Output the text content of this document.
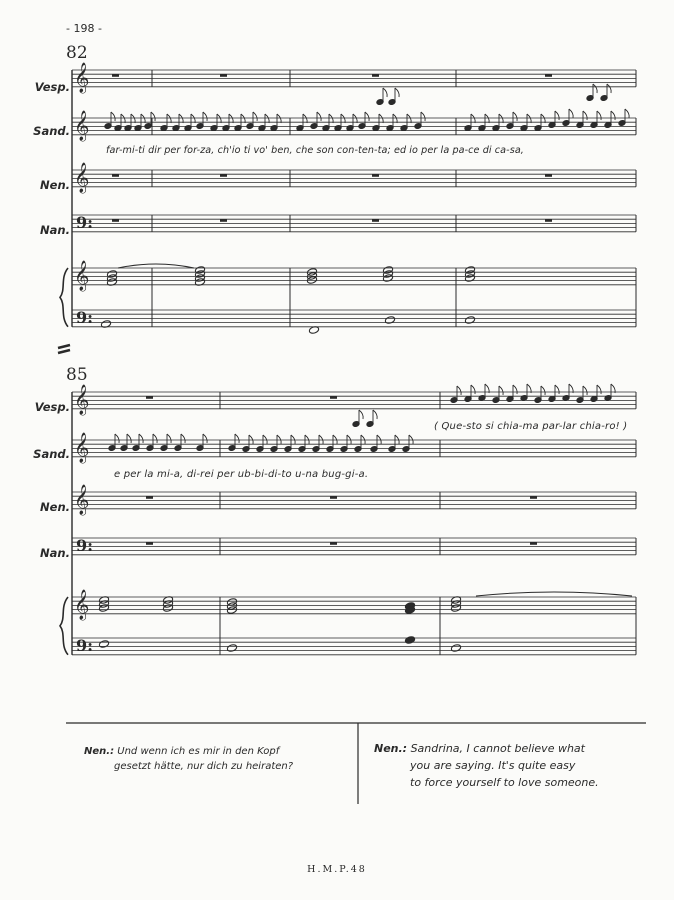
𝄞
𝄞
𝄞
9:
𝄞
9:
𝄞
𝄞
𝄞
9:
𝄞
9:
- 198 -
82
85
Vesp.
Sand.
Nen.
Nan.
Vesp.
Sand.
Nen.
Nan.
far-mi-ti dir per for-za, ch'io ti vo' ben, che son con-ten-ta; ed io per la pa-ce di ca-sa,
( Que-sto si chia-ma par-lar chia-ro! )
e per la mi-a, di-rei per ub-bi-di-to u-na bug-gi-a.
Nen.: Und wenn ich es mir in den Kopf
gesetzt hätte, nur dich zu heiraten?
Nen.: Sandrina, I cannot believe what
you are saying. It's quite easy
to force yourself to love someone.
H.M.P.48
